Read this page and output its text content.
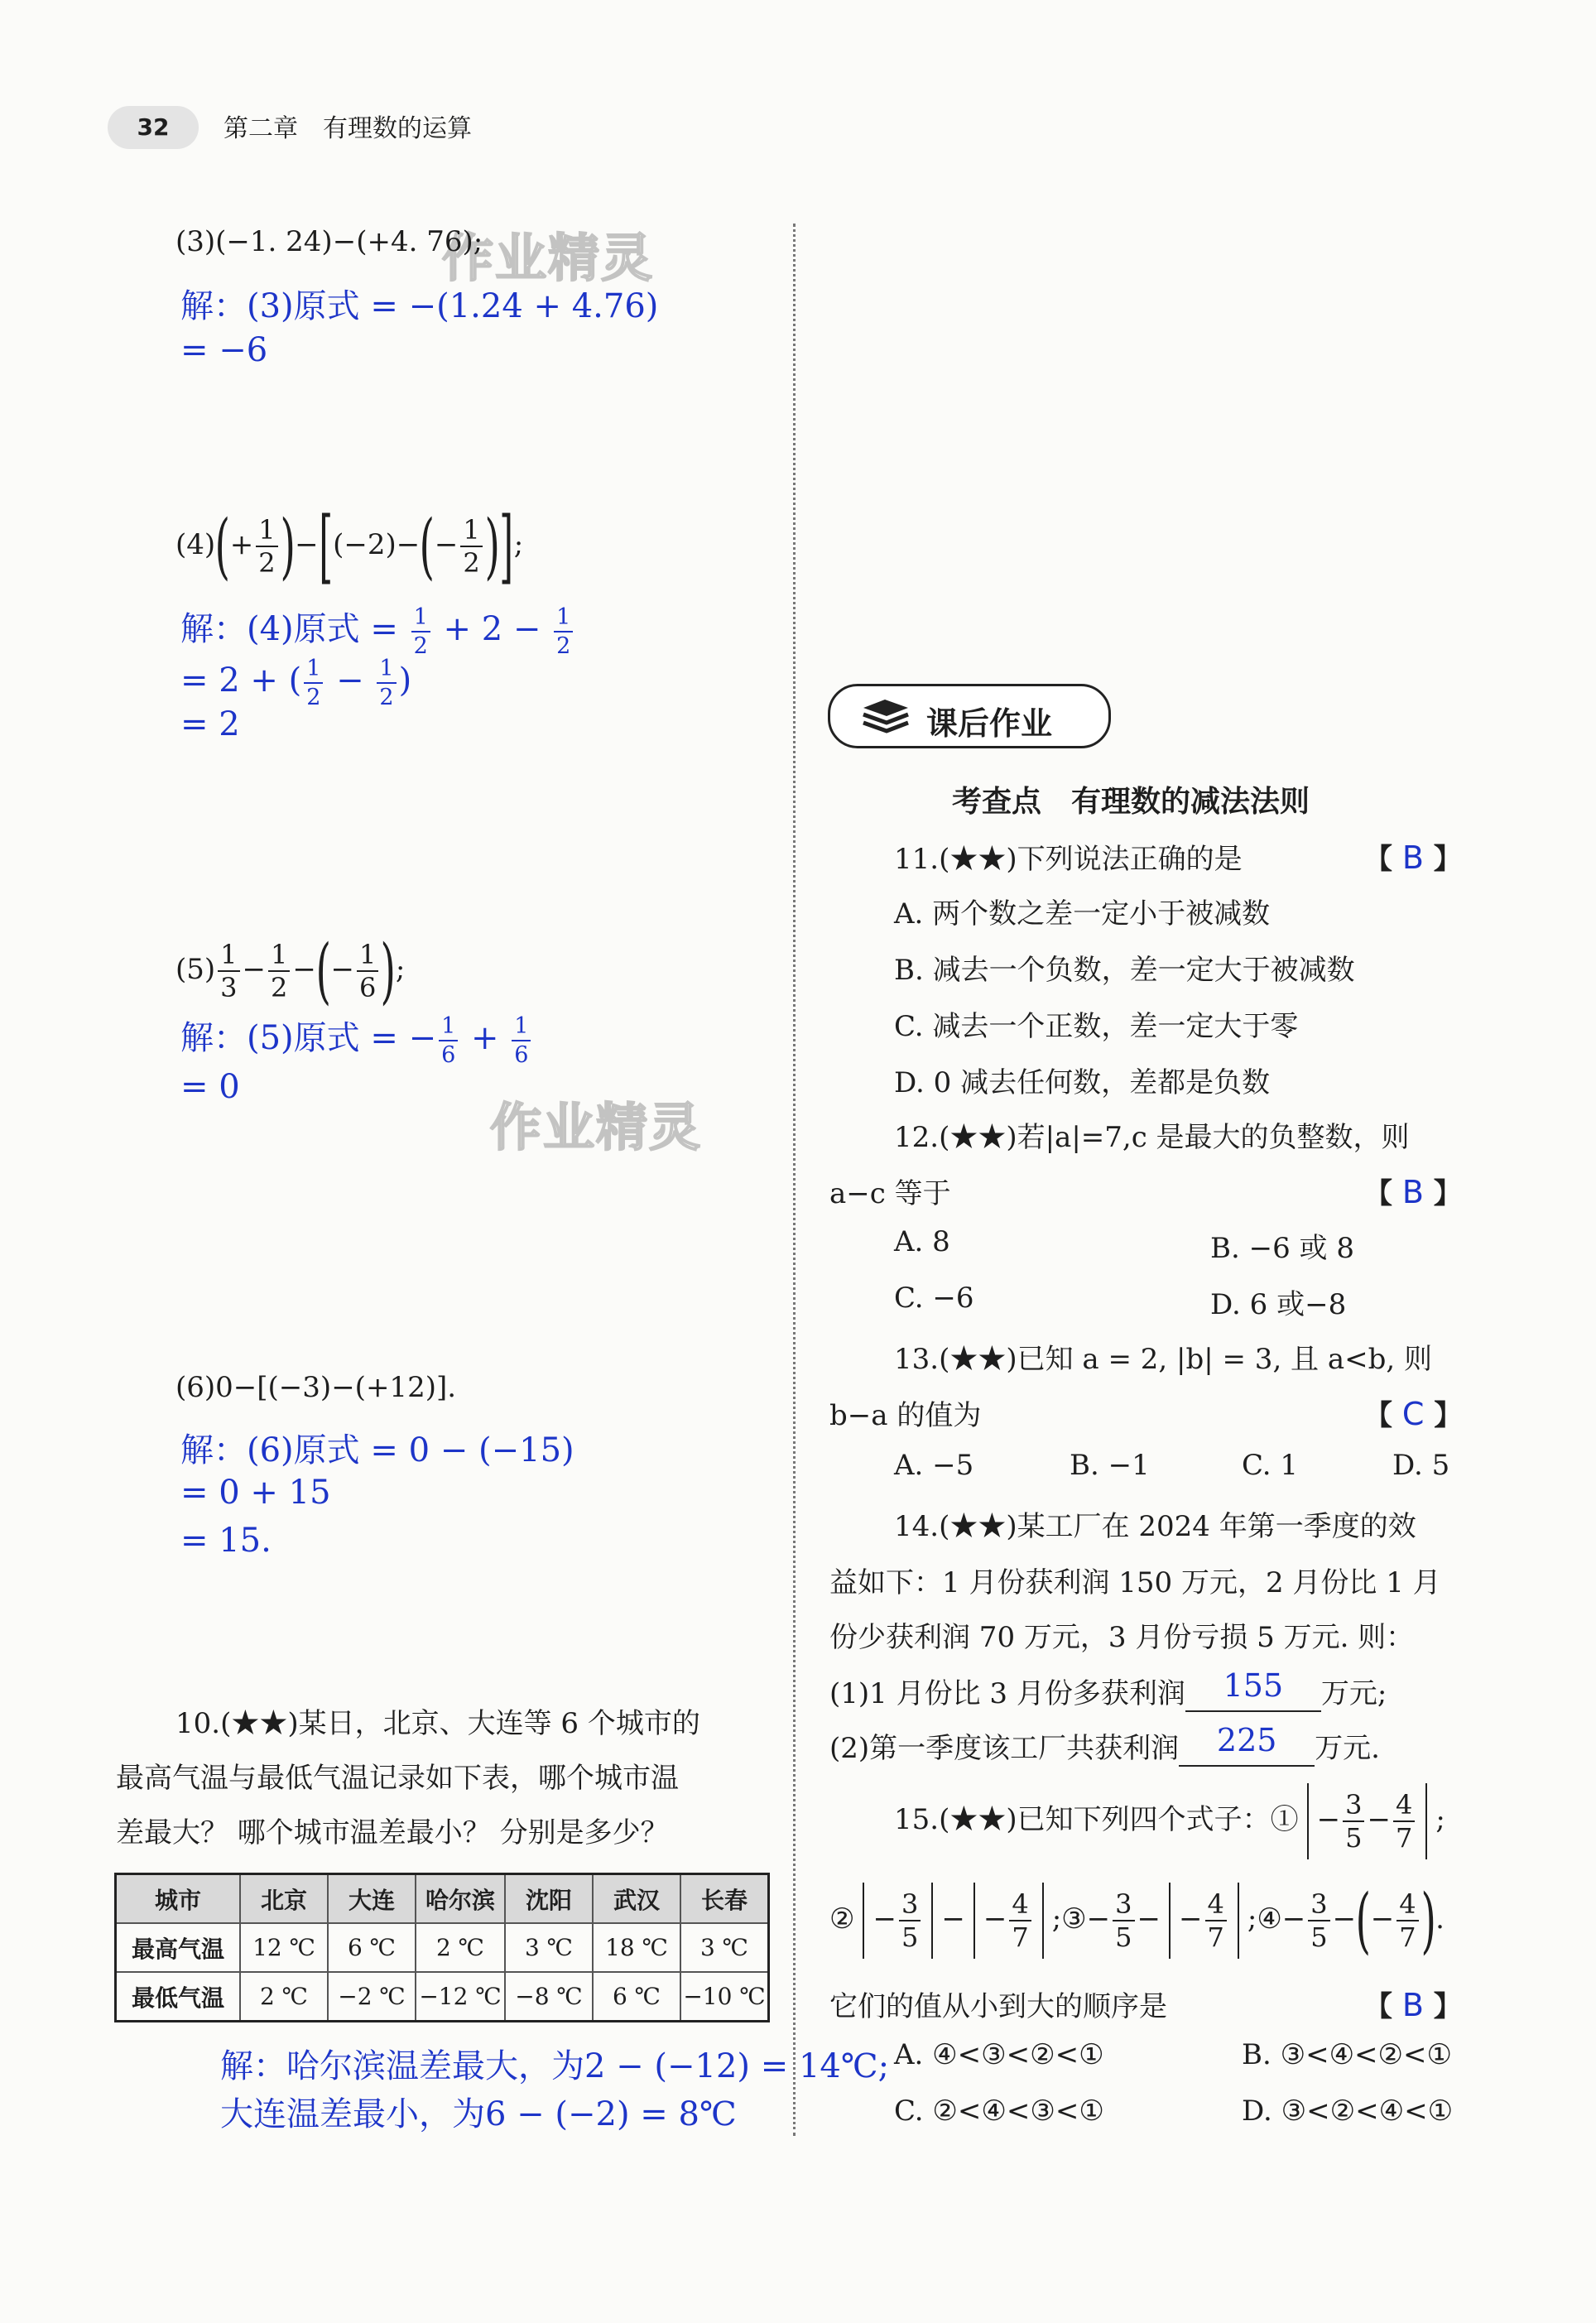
32	第二章　有理数的运算
作业精灵
作业精灵
(3)(−1. 24)−(+4. 76);
解：(3)原式 = −(1.24 + 4.76)
= −6
$(4)(+ \frac{1}{2} )-[(-2)-(- \frac{1}{2}$ )];
解：(4)原式 = $\frac{1}{2} + 2 - \frac{1}{2}$
= 2 + ( $\frac{1}{2} - \frac{1}{2}$ )
= 2
$(5) \frac{1}{3} - \frac{1}{2}$ −(− $\frac{1}{6}$ );
解：(5)原式 = − $\frac{1}{6} + \frac{1}{6}$
= 0
(6)0−[(−3)−(+12)].
解：(6)原式 = 0 − (−15)
= 0 + 15
= 15.
10.(★★)某日，北京、大连等 6 个城市的
最高气温与最低气温记录如下表，哪个城市温
差最大？ 哪个城市温差最小？ 分别是多少？
城市	北京	大连	哈尔滨	沈阳	武汉	长春
最高气温	12 ℃	6 ℃	2 ℃	3 ℃	18 ℃	3 ℃
最低气温	2 ℃	−2 ℃	−12 ℃	−8 ℃	6 ℃	−10 ℃
解：哈尔滨温差最大，为2 − (−12) = 14℃;
大连温差最小，为6 − (−2) = 8℃
课后作业
考查点　有理数的减法法则
11.(★★)下列说法正确的是	【 B 】
A. 两个数之差一定小于被减数
B. 减去一个负数，差一定大于被减数
C. 减去一个正数，差一定大于零
D. 0 减去任何数，差都是负数
12.(★★)若|a|=7,c 是最大的负整数，则
a−c 等于	【 B 】
A. 8	B. −6 或 8
C. −6	D. 6 或−8
13.(★★)已知 a = 2, |b| = 3, 且 a<b, 则
b−a 的值为	【 C 】
A. −5	B. −1	C. 1	D. 5
14.(★★)某工厂在 2024 年第一季度的效
益如下：1 月份获利润 150 万元，2 月份比 1 月
份少获利润 70 万元，3 月份亏损 5 万元. 则：
(1)1 月份比 3 月份多获利润	155	万元;
(2)第一季度该工厂共获利润	225	万元.
15.(★★)已知下列四个式子：① − $\frac{3}{5} - \frac{4}{7}$ ;
② − $\frac{3}{5}$ − − $\frac{4}{7}$ ;③− $\frac{3}{5}$ − − $\frac{4}{7}$ ;④− $\frac{3}{5}$ −(− $\frac{4}{7}$ ).
它们的值从小到大的顺序是	【 B 】
A. ④<③<②<①	B. ③<④<②<①
C. ②<④<③<①	D. ③<②<④<①
